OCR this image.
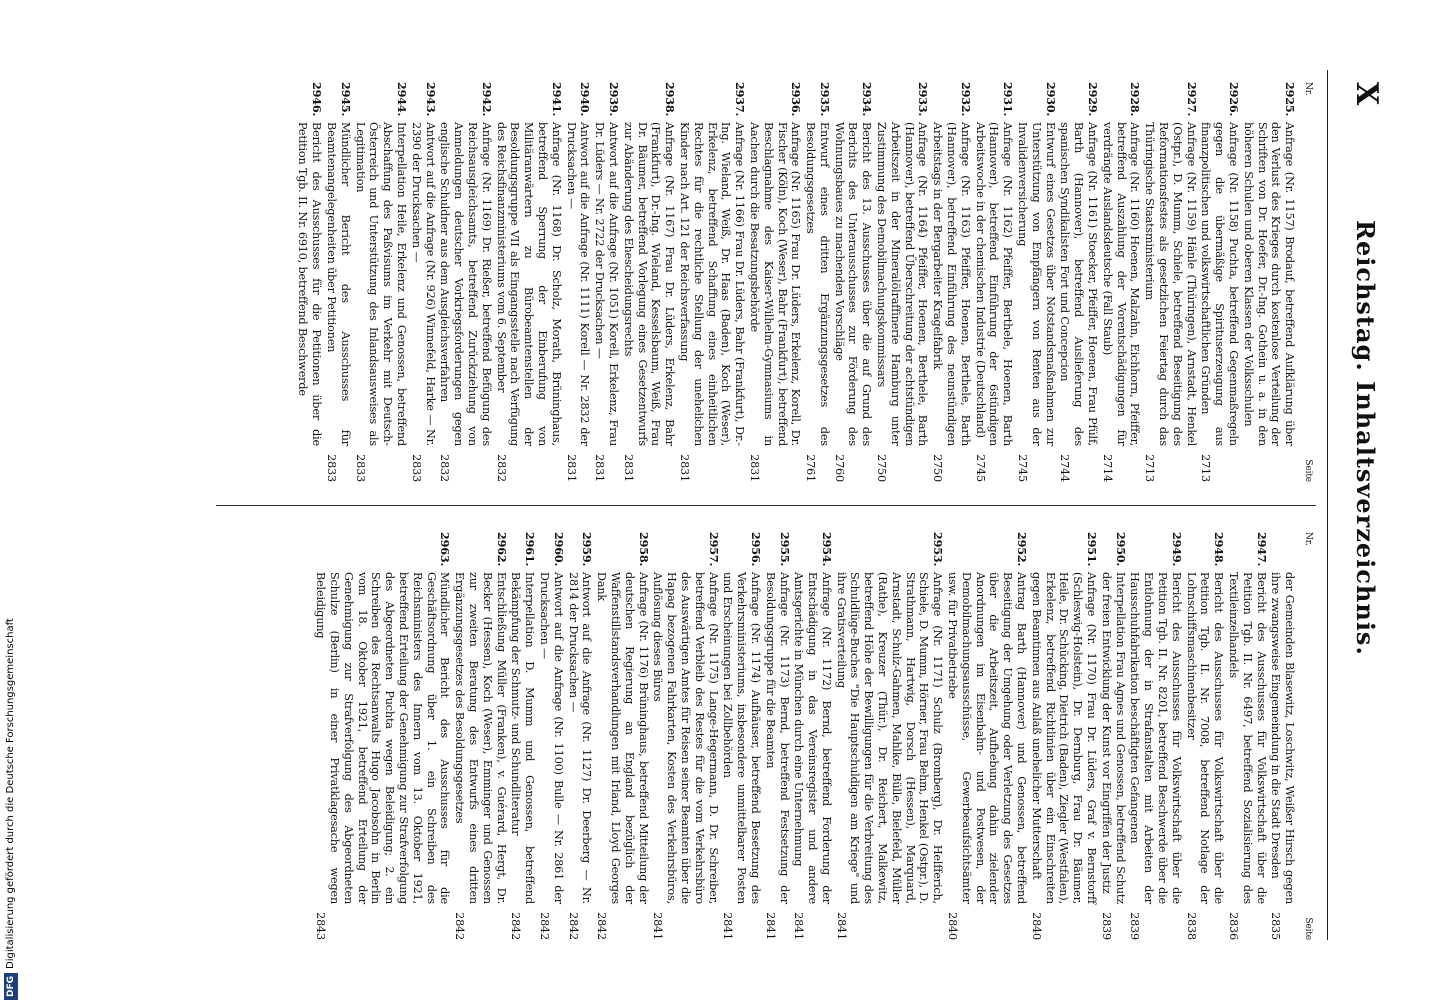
X
Reichstag. Inhaltsverzeichnis.
Nr.
Seite
2925.
Anfrage (Nr. 1157) Brodauf, betreffend Aufklärung über den Verlust des Krieges durch kostenlose Verteilung der Schriften von Dr. Hoefer, Dr.-Ing. Gothein u. a. in den höheren Schulen und oberen Klassen der Volksschulen
2926.
Anfrage (Nr. 1158) Puchta, betreffend Gegenmaßregeln gegen die übermäßige Spirituserzeugung aus finanzpolitischen und volkswirtschaftlichen Gründen
2713
2927.
Anfrage (Nr. 1159) Hänle (Thüringen), Arnstadt, Henkel (Ostpr.), D. Mumm, Schiele, betreffend Beseitigung des Reformationsfestes als gesetzlichen Feiertag durch das Thüringische Staatsministerium
2713
2928.
Anfrage (Nr. 1160) Hoenen, Malzahn, Eichhorn, Pfeiffer, betreffend Auszahlung der Vorentschädigungen für verdrängte Auslandsdeutsche (Fall Staub)
2714
2929.
Anfrage (Nr. 1161) Stoecker, Pfeiffer, Hoenen, Frau Pfülf, Barth (Hannover), betreffend Auslieferung des spanischen Syndikalisten Fort und Concepcion
2744
2930.
Entwurf eines Gesetzes über Notstandsmaßnahmen zur Unterstützung von Empfängern von Renten aus der Invalidenversicherung
2745
2931.
Anfrage (Nr. 1162) Pfeiffer, Berthele, Hoenen, Barth (Hannover), betreffend Einführung der 6stündigen Arbeitswoche in der chemischen Industrie (Deutschland)
2745
2932.
Anfrage (Nr. 1163) Pfeiffer, Hoenen, Berthele, Barth (Hannover), betreffend Einführung des neunstündigen Arbeitstags in der Bergarbeiter Kragelfabrik
2750
2933.
Anfrage (Nr. 1164) Pfeiffer, Hoenen, Berthele, Barth (Hannover), betreffend Überschreitung der achtstündigen Arbeitszeit in der Mineralölraffinerie Hamburg unter Zustimmung des Demobilmachungskommissars
2750
2934.
Bericht des 13. Ausschusses über die auf Grund des Berichts des Unterausschusses zur Förderung des Wohnungsbaues zu machenden Vorschläge
2760
2935.
Entwurf eines dritten Ergänzungsgesetzes des Besoldungsgesetzes
2761
2936.
Anfrage (Nr. 1165) Frau Dr. Lüders, Erkelenz, Korell, Dr. Fischer (Köln), Koch (Weser), Bahr (Frankfurt), betreffend Beschlagnahme des Kaiser-Wilhelm-Gymnasiums in Aachen durch die Besatzungsbehörde
2831
2937.
Anfrage (Nr. 1166) Frau Dr. Lüders, Bahr (Frankfurt), Dr.-Ing. Wieland, Weiß, Dr. Haas (Baden), Koch (Weser), Erkelenz, betreffend Schaffung eines einheitlichen Rechtes für die rechtliche Stellung der unehelichen Kinder nach Art. 121 der Reichsverfassung
2831
2938.
Anfrage (Nr. 1167) Frau Dr. Lüders, Erkelenz, Bahr (Frankfurt), Dr.-Ing. Wieland, Kesselsbaum, Weiß, Frau Dr. Bäumer, betreffend Vorlegung eines Gesetzentwurfs zur Abänderung des Ehescheidungsrechts
2831
2939.
Antwort auf die Anfrage (Nr. 1051) Korell, Erkelenz, Frau Dr. Lüders — Nr. 2722 der Drucksachen —
2831
2940.
Antwort auf die Anfrage (Nr. 1111) Korell — Nr. 2832 der Drucksachen —
2831
2941.
Anfrage (Nr. 1168) Dr. Scholz, Morath, Brüninghaus, betreffend Sperrung der Einberufung von Militäranwärtern zu Bürobeamtenstellen der Besoldungsgruppe VII als Eingangsstelle nach Verfügung des Reichsfinanzministeriums vom 6. September
2832
2942.
Anfrage (Nr. 1169) Dr. Rießer, betreffend Befügung des Reichsausgleichsamts, betreffend Zurückziehung von Anmeldungen deutscher Vorkriegsforderungen gegen englische Schuldner aus dem Ausgleichsverfahren
2832
2943.
Antwort auf die Anfrage (Nr. 926) Winnefeld, Harke — Nr. 2390 der Drucksachen —
2833
2944.
Interpellation Heile, Erkelenz und Genossen, betreffend Abschaffung des Paßvisums im Verkehr mit Deutsch-Österreich und Unterstützung des Inlandsausweises als Legitimation
2833
2945.
Mündlicher Bericht des Ausschusses für Beamtenangelegenheiten über Petitionen
2833
2946.
Bericht des Ausschusses für die Petitionen über die Petition Tgb. II. Nr. 6910, betreffend Beschwerde
Nr.
Seite
der Gemeinden Blasewitz, Loschwitz, Weißer Hirsch gegen ihre zwangsweise Eingemeindung in die Stadt Dresden
2835
2947.
Bericht des Ausschusses für Volkswirtschaft über die Petition Tgb. II. Nr. 6497, betreffend Sozialisierung des Textileinzelhandels
2836
2948.
Bericht des Ausschusses für Volkswirtschaft über die Petition Tgb. II. Nr. 7008, betreffend Notlage der Lohnschiffsmaschinenbesitzer
2838
2949.
Bericht des Ausschusses für Volkswirtschaft über die Petition Tgb. II. Nr. 8201, betreffend Beschwerde über die Entlohnung der in Strafanstalten mit Arbeiten der Hausschuhfabrikation beschäftigten Gefangenen
2839
2950.
Interpellation Frau Agnes und Genossen, betreffend Schutz der freien Entwicklung der Kunst vor Eingriffen der Justiz
2839
2951.
Anfrage (Nr. 1170) Frau Dr. Lüders, Graf v. Bernstorff (Schleswig-Holstein), Dr. Dernburg, Frau Dr. Bäumer, Heile, Dr. Schücking, Dietrich (Baden), Ziegler (Westfalen), Erkelenz, betreffend Richtlinien über ein Einschreiten gegen Beamtinnen aus Anlaß unehelicher Mutterschaft
2840
2952.
Antrag Barth (Hannover) und Genossen, betreffend Beseitigung der Umgehung oder Verletzung des Gesetzes über die Arbeitszeit, Aufhebung dahin zielender Anordnungen im Eisenbahn- und Postwesen, der Demobilmachungsausschüsse, Gewerbeaufsichtsämter usw. für Privatbetriebe
2840
2953.
Anfrage (Nr. 1171) Schulz (Bromberg), Dr. Helfferich, Schiele, D. Mumm, Hörner, Frau Behm, Henkel (Ostpr.), D. Strathmann, Hartwig, Dorsch (Hessen), Marquard, Arnstadt, Schulz-Gahmen, Mahlke, Bülle, Bielefeld, Müller (Rathe), Kreuzer (Thür.), Dr. Reichert, Malkewitz, betreffend Höhe der Bewilligungen für die Verbreitung des Schuldlüge-Buches "Die Hauptschuldigen am Kriege" und ihre Gratisverteilung
2841
2954.
Anfrage (Nr. 1172) Bernd, betreffend Forderung der Entschädigung in das Vereinsregister und andere Amtsgerichte in München durch eine Unternehmung
2841
2955.
Anfrage (Nr. 1173) Bernd, betreffend Festsetzung der Besoldungsgruppe für die Beamten
2841
2956.
Anfrage (Nr. 1174) Aufhäuser, betreffend Besetzung des Verkehrsministeriums, insbesondere unmittelbarer Posten und Erscheinungen bei Zollbehörden
2841
2957.
Anfrage (Nr. 1175) Lange-Hegermann, D. Dr. Schreiber, betreffend Verbleib des Restes für die vom Verkehrsbüro des Auswärtigen Amtes für Reisen seiner Beamten über die Hapag bezogenen Fahrkarten, Kosten des Verkehrsbüros, Auflösung dieses Büros
2841
2958.
Anfrage (Nr. 1176) Brüninghaus, betreffend Mitteilung der deutschen Regierung an England bezüglich der Waffenstillstandsverhandlungen mit Irland, Lloyd Georges Dank
2842
2959.
Antwort auf die Anfrage (Nr. 1127) Dr. Deerberg — Nr. 2814 der Drucksachen —
2842
2960.
Antwort auf die Anfrage (Nr. 1100) Bulle — Nr. 2861 der Drucksachen —
2842
2961.
Interpellation D. Mumm und Genossen, betreffend Bekämpfung der Schmutz- und Schundliteratur
2842
2962.
Entschließung Müller (Franken), v. Guérard, Hergt, Dr. Becker (Hessen), Koch (Weser), Emminger und Genossen zur zweiten Beratung des Entwurfs eines dritten Ergänzungsgesetzes des Besoldungsgesetzes
2842
2963.
Mündlicher Bericht des Ausschusses für die Geschäftsordnung über 1. ein Schreiben des Reichsministers des Innern vom 13. Oktober 1921, betreffend Erteilung der Genehmigung zur Strafverfolgung des Abgeordneten Puchta wegen Beleidigung; 2. ein Schreiben des Rechtsanwalts Hugo Jacobsohn in Berlin vom 18. Oktober 1921, betreffend Erteilung der Genehmigung zur Strafverfolgung des Abgeordneten Schulze (Berlin) in einer Privatklagesache wegen Beleidigung
2843
DFGDigitalisierung gefördert durch die Deutsche Forschungsgemeinschaft
